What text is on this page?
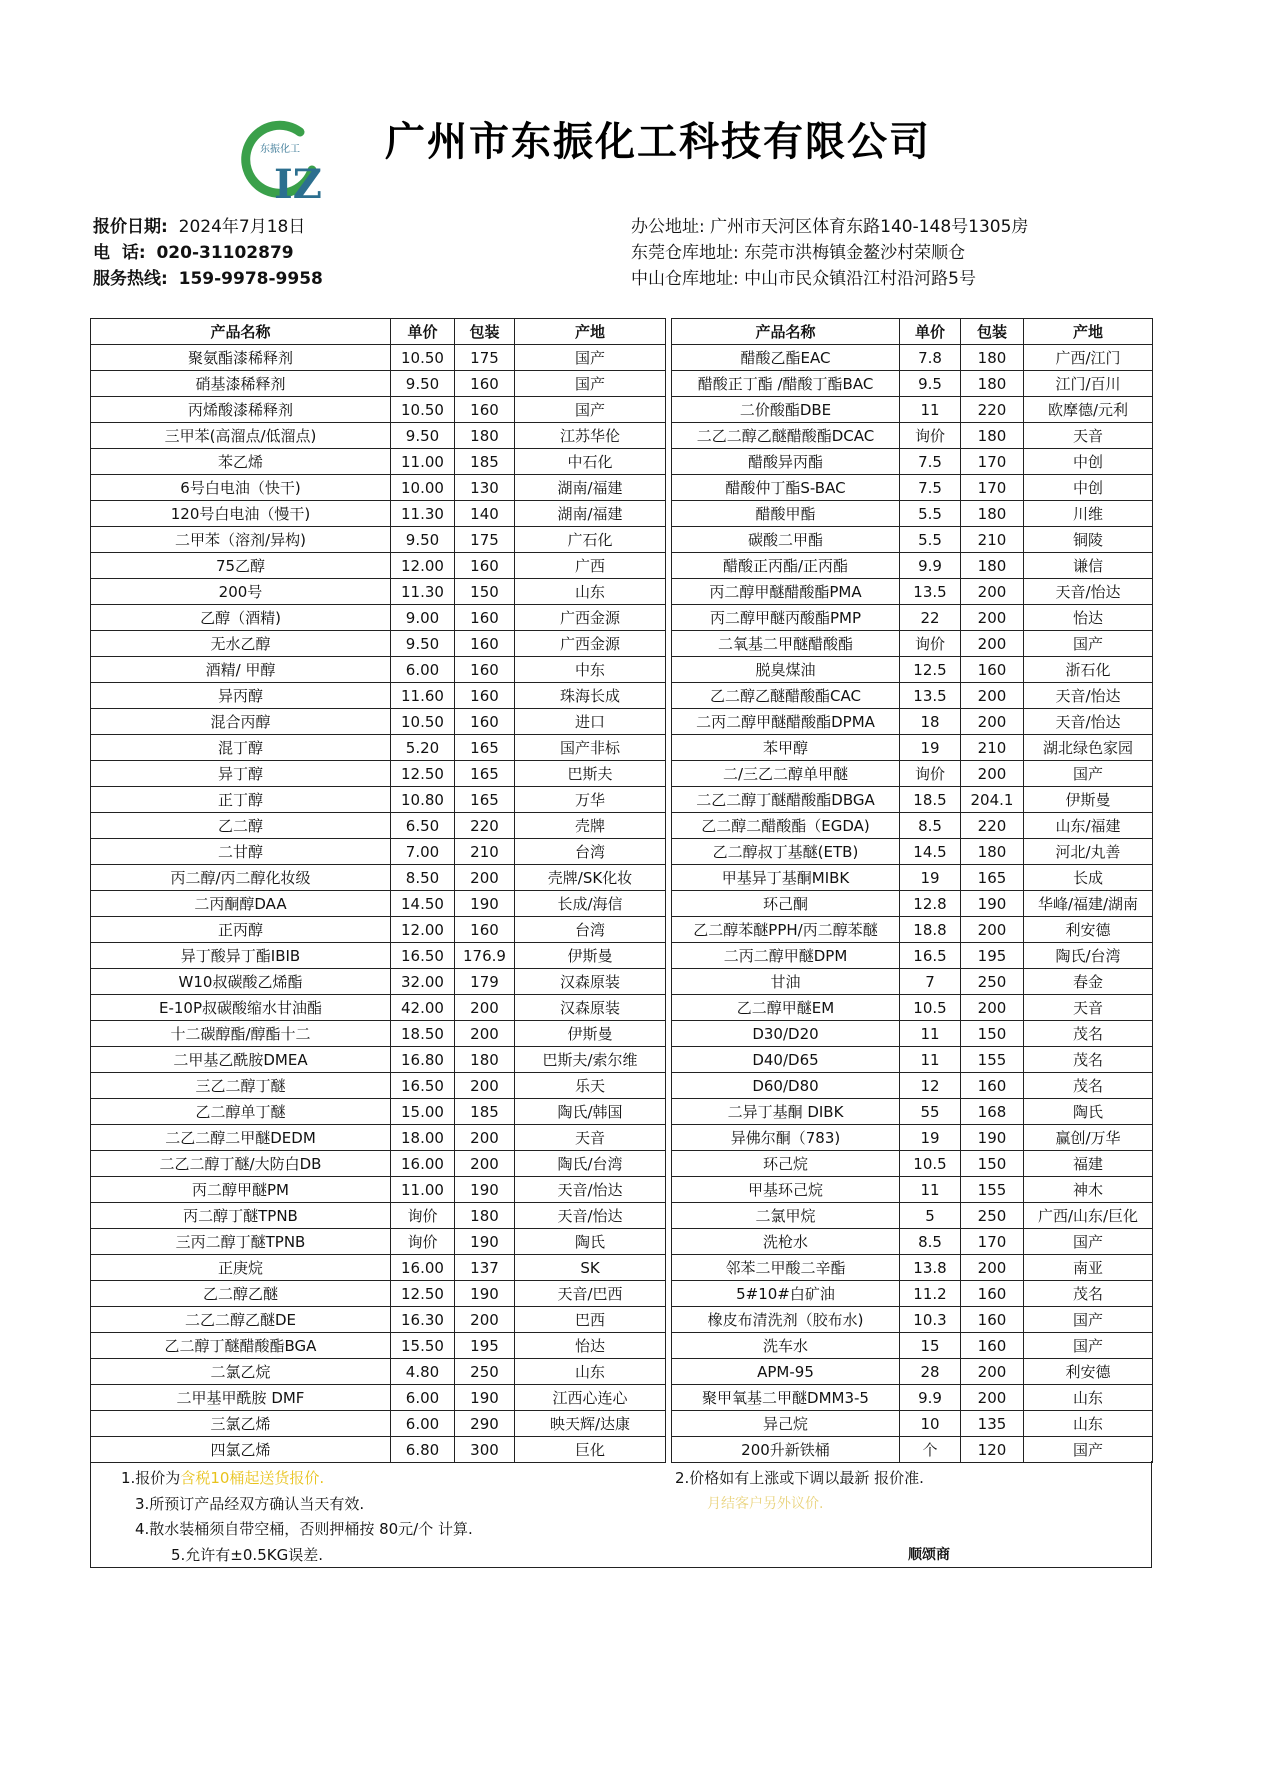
东振化工
IZ
广州市东振化工科技有限公司
报价日期: 2024年7月18日
电  话: 020-31102879
服务热线: 159-9978-9958
办公地址: 广州市天河区体育东路140-148号1305房
东莞仓库地址: 东莞市洪梅镇金鳌沙村荣顺仓
中山仓库地址: 中山市民众镇沿江村沿河路5号
产品名称	单价	包装	产地		产品名称	单价	包装	产地
聚氨酯漆稀释剂	10.50	175	国产		醋酸乙酯EAC	7.8	180	广西/江门
硝基漆稀释剂	9.50	160	国产		醋酸正丁酯 /醋酸丁酯BAC	9.5	180	江门/百川
丙烯酸漆稀释剂	10.50	160	国产		二价酸酯DBE	11	220	欧摩德/元利
三甲苯(高溜点/低溜点)	9.50	180	江苏华伦		二乙二醇乙醚醋酸酯DCAC	询价	180	天音
苯乙烯	11.00	185	中石化		醋酸异丙酯	7.5	170	中创
6号白电油（快干)	10.00	130	湖南/福建		醋酸仲丁酯S-BAC	7.5	170	中创
120号白电油（慢干)	11.30	140	湖南/福建		醋酸甲酯	5.5	180	川维
二甲苯（溶剂/异构)	9.50	175	广石化		碳酸二甲酯	5.5	210	铜陵
75乙醇	12.00	160	广西		醋酸正丙酯/正丙酯	9.9	180	谦信
200号	11.30	150	山东		丙二醇甲醚醋酸酯PMA	13.5	200	天音/怡达
乙醇（酒精)	9.00	160	广西金源		丙二醇甲醚丙酸酯PMP	22	200	怡达
无水乙醇	9.50	160	广西金源		二氧基二甲醚醋酸酯	询价	200	国产
酒精/ 甲醇	6.00	160	中东		脱臭煤油	12.5	160	浙石化
异丙醇	11.60	160	珠海长成		乙二醇乙醚醋酸酯CAC	13.5	200	天音/怡达
混合丙醇	10.50	160	进口		二丙二醇甲醚醋酸酯DPMA	18	200	天音/怡达
混丁醇	5.20	165	国产非标		苯甲醇	19	210	湖北绿色家园
异丁醇	12.50	165	巴斯夫		二/三乙二醇单甲醚	询价	200	国产
正丁醇	10.80	165	万华		二乙二醇丁醚醋酸酯DBGA	18.5	204.1	伊斯曼
乙二醇	6.50	220	壳牌		乙二醇二醋酸酯（EGDA)	8.5	220	山东/福建
二甘醇	7.00	210	台湾		乙二醇叔丁基醚(ETB)	14.5	180	河北/丸善
丙二醇/丙二醇化妆级	8.50	200	壳牌/SK化妆		甲基异丁基酮MIBK	19	165	长成
二丙酮醇DAA	14.50	190	长成/海信		环己酮	12.8	190	华峰/福建/湖南
正丙醇	12.00	160	台湾		乙二醇苯醚PPH/丙二醇苯醚	18.8	200	利安德
异丁酸异丁酯IBIB	16.50	176.9	伊斯曼		二丙二醇甲醚DPM	16.5	195	陶氏/台湾
W10叔碳酸乙烯酯	32.00	179	汉森原装		甘油	7	250	春金
E-10P叔碳酸缩水甘油酯	42.00	200	汉森原装		乙二醇甲醚EM	10.5	200	天音
十二碳醇酯/醇酯十二	18.50	200	伊斯曼		D30/D20	11	150	茂名
二甲基乙酰胺DMEA	16.80	180	巴斯夫/索尔维		D40/D65	11	155	茂名
三乙二醇丁醚	16.50	200	乐天		D60/D80	12	160	茂名
乙二醇单丁醚	15.00	185	陶氏/韩国		二异丁基酮 DIBK	55	168	陶氏
二乙二醇二甲醚DEDM	18.00	200	天音		异佛尔酮（783)	19	190	赢创/万华
二乙二醇丁醚/大防白DB	16.00	200	陶氏/台湾		环己烷	10.5	150	福建
丙二醇甲醚PM	11.00	190	天音/怡达		甲基环己烷	11	155	神木
丙二醇丁醚TPNB	询价	180	天音/怡达		二氯甲烷	5	250	广西/山东/巨化
三丙二醇丁醚TPNB	询价	190	陶氏		洗枪水	8.5	170	国产
正庚烷	16.00	137	SK		邻苯二甲酸二辛酯	13.8	200	南亚
乙二醇乙醚	12.50	190	天音/巴西		5#10#白矿油	11.2	160	茂名
二乙二醇乙醚DE	16.30	200	巴西		橡皮布清洗剂（胶布水)	10.3	160	国产
乙二醇丁醚醋酸酯BGA	15.50	195	怡达		洗车水	15	160	国产
二氯乙烷	4.80	250	山东		APM-95	28	200	利安德
二甲基甲酰胺 DMF	6.00	190	江西心连心		聚甲氧基二甲醚DMM3-5	9.9	200	山东
三氯乙烯	6.00	290	映天辉/达康		异己烷	10	135	山东
四氯乙烯	6.80	300	巨化		200升新铁桶	个	120	国产
1.报价为含税10桶起送货报价.	2.价格如有上涨或下调以最新 报价准.
月结客户另外议价.
3.所预订产品经双方确认当天有效.
4.散水装桶须自带空桶，否则押桶按 80元/个 计算.
5.允许有±0.5KG误差.	顺颂商
